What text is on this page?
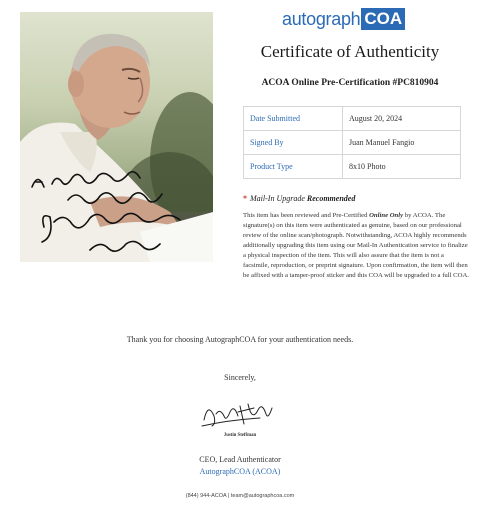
autograph COA
Certificate of Authenticity
ACOA Online Pre-Certification #PC810904
Date Submitted	August 20, 2024
Signed By	Juan Manuel Fangio
Product Type	8x10 Photo
* Mail-In Upgrade Recommended
This item has been reviewed and Pre-Certified Online Only by ACOA. The signature(s) on this item were authenticated as genuine, based on our professional review of the online scan/photograph. Notwithstanding, ACOA highly recommends additionally upgrading this item using our Mail-In Authentication service to finalize a physical inspection of the item. This will also assure that the item is not a facsimile, reproduction, or preprint signature. Upon confirmation, the item will then be affixed with a tamper-proof sticker and this COA will be upgraded to a full COA.
Thank you for choosing AutographCOA for your authentication needs.
Sincerely,
Justin Steffman
CEO, Lead Authenticator
AutographCOA (ACOA)
(844) 944-ACOA | team@autographcoa.com
